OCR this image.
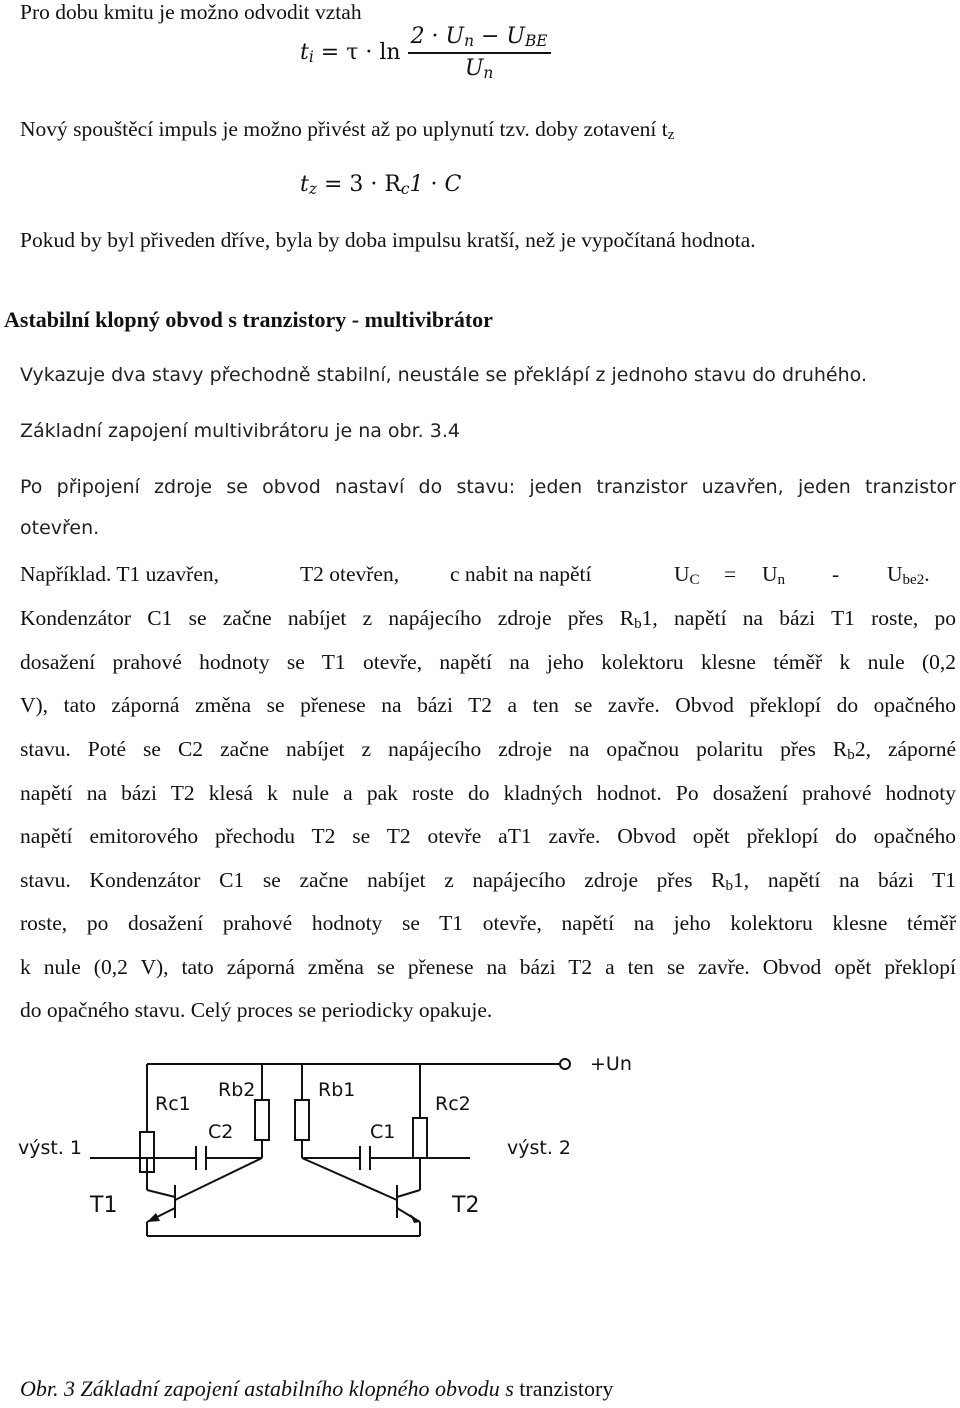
Pro dobu kmitu je možno odvodit vztah
$t_i = \tau \cdot \ln \frac{2 \cdot U_n - U_{BE}}{U_n}$
Nový spouštěcí impuls je možno přivést až po uplynutí tzv. doby zotavení $t_z$
$t_z = 3 \cdot R_c1 \cdot C$
Pokud by byl přiveden dříve, byla by doba impulsu kratší, než je vypočítaná hodnota.
Astabilní klopný obvod s tranzistory - multivibrátor
Vykazuje dva stavy přechodně stabilní, neustále se překlápí z jednoho stavu do druhého.
Základní zapojení multivibrátoru je na obr. 3.4
Po připojení zdroje se obvod nastaví do stavu: jeden tranzistor uzavřen, jeden tranzistor
otevřen.
Například. T1 uzavřen,	T2 otevřen, c nabit na napětí	$U_C = U_n - U_{be2}$.
Kondenzátor C1 se začne nabíjet z napájecího zdroje přes $R_b1$, napětí na bázi T1 roste, po
dosažení prahové hodnoty se T1 otevře, napětí na jeho kolektoru klesne téměř k nule (0,2
V), tato záporná změna se přenese na bázi T2 a ten se zavře. Obvod překlopí do opačného
stavu. Poté se C2 začne nabíjet z napájecího zdroje na opačnou polaritu přes $R_b2$, záporné
napětí na bázi T2 klesá k nule a pak roste do kladných hodnot. Po dosažení prahové hodnoty
napětí emitorového přechodu T2 se T2 otevře aT1 zavře. Obvod opět překlopí do opačného
stavu. Kondenzátor C1 se začne nabíjet z napájecího zdroje přes $R_b1$, napětí na bázi T1
roste, po dosažení prahové hodnoty se T1 otevře, napětí na jeho kolektoru klesne téměř
k nule (0,2 V), tato záporná změna se přenese na bázi T2 a ten se zavře. Obvod opět překlopí
do opačného stavu. Celý proces se periodicky opakuje.
+Un
Rc1
Rb2	Rb1
Rc2
C2	C1
výst. 1	výst. 2
T1	T2
Obr. 3 Základní zapojení astabilního klopného obvodu s tranzistory
